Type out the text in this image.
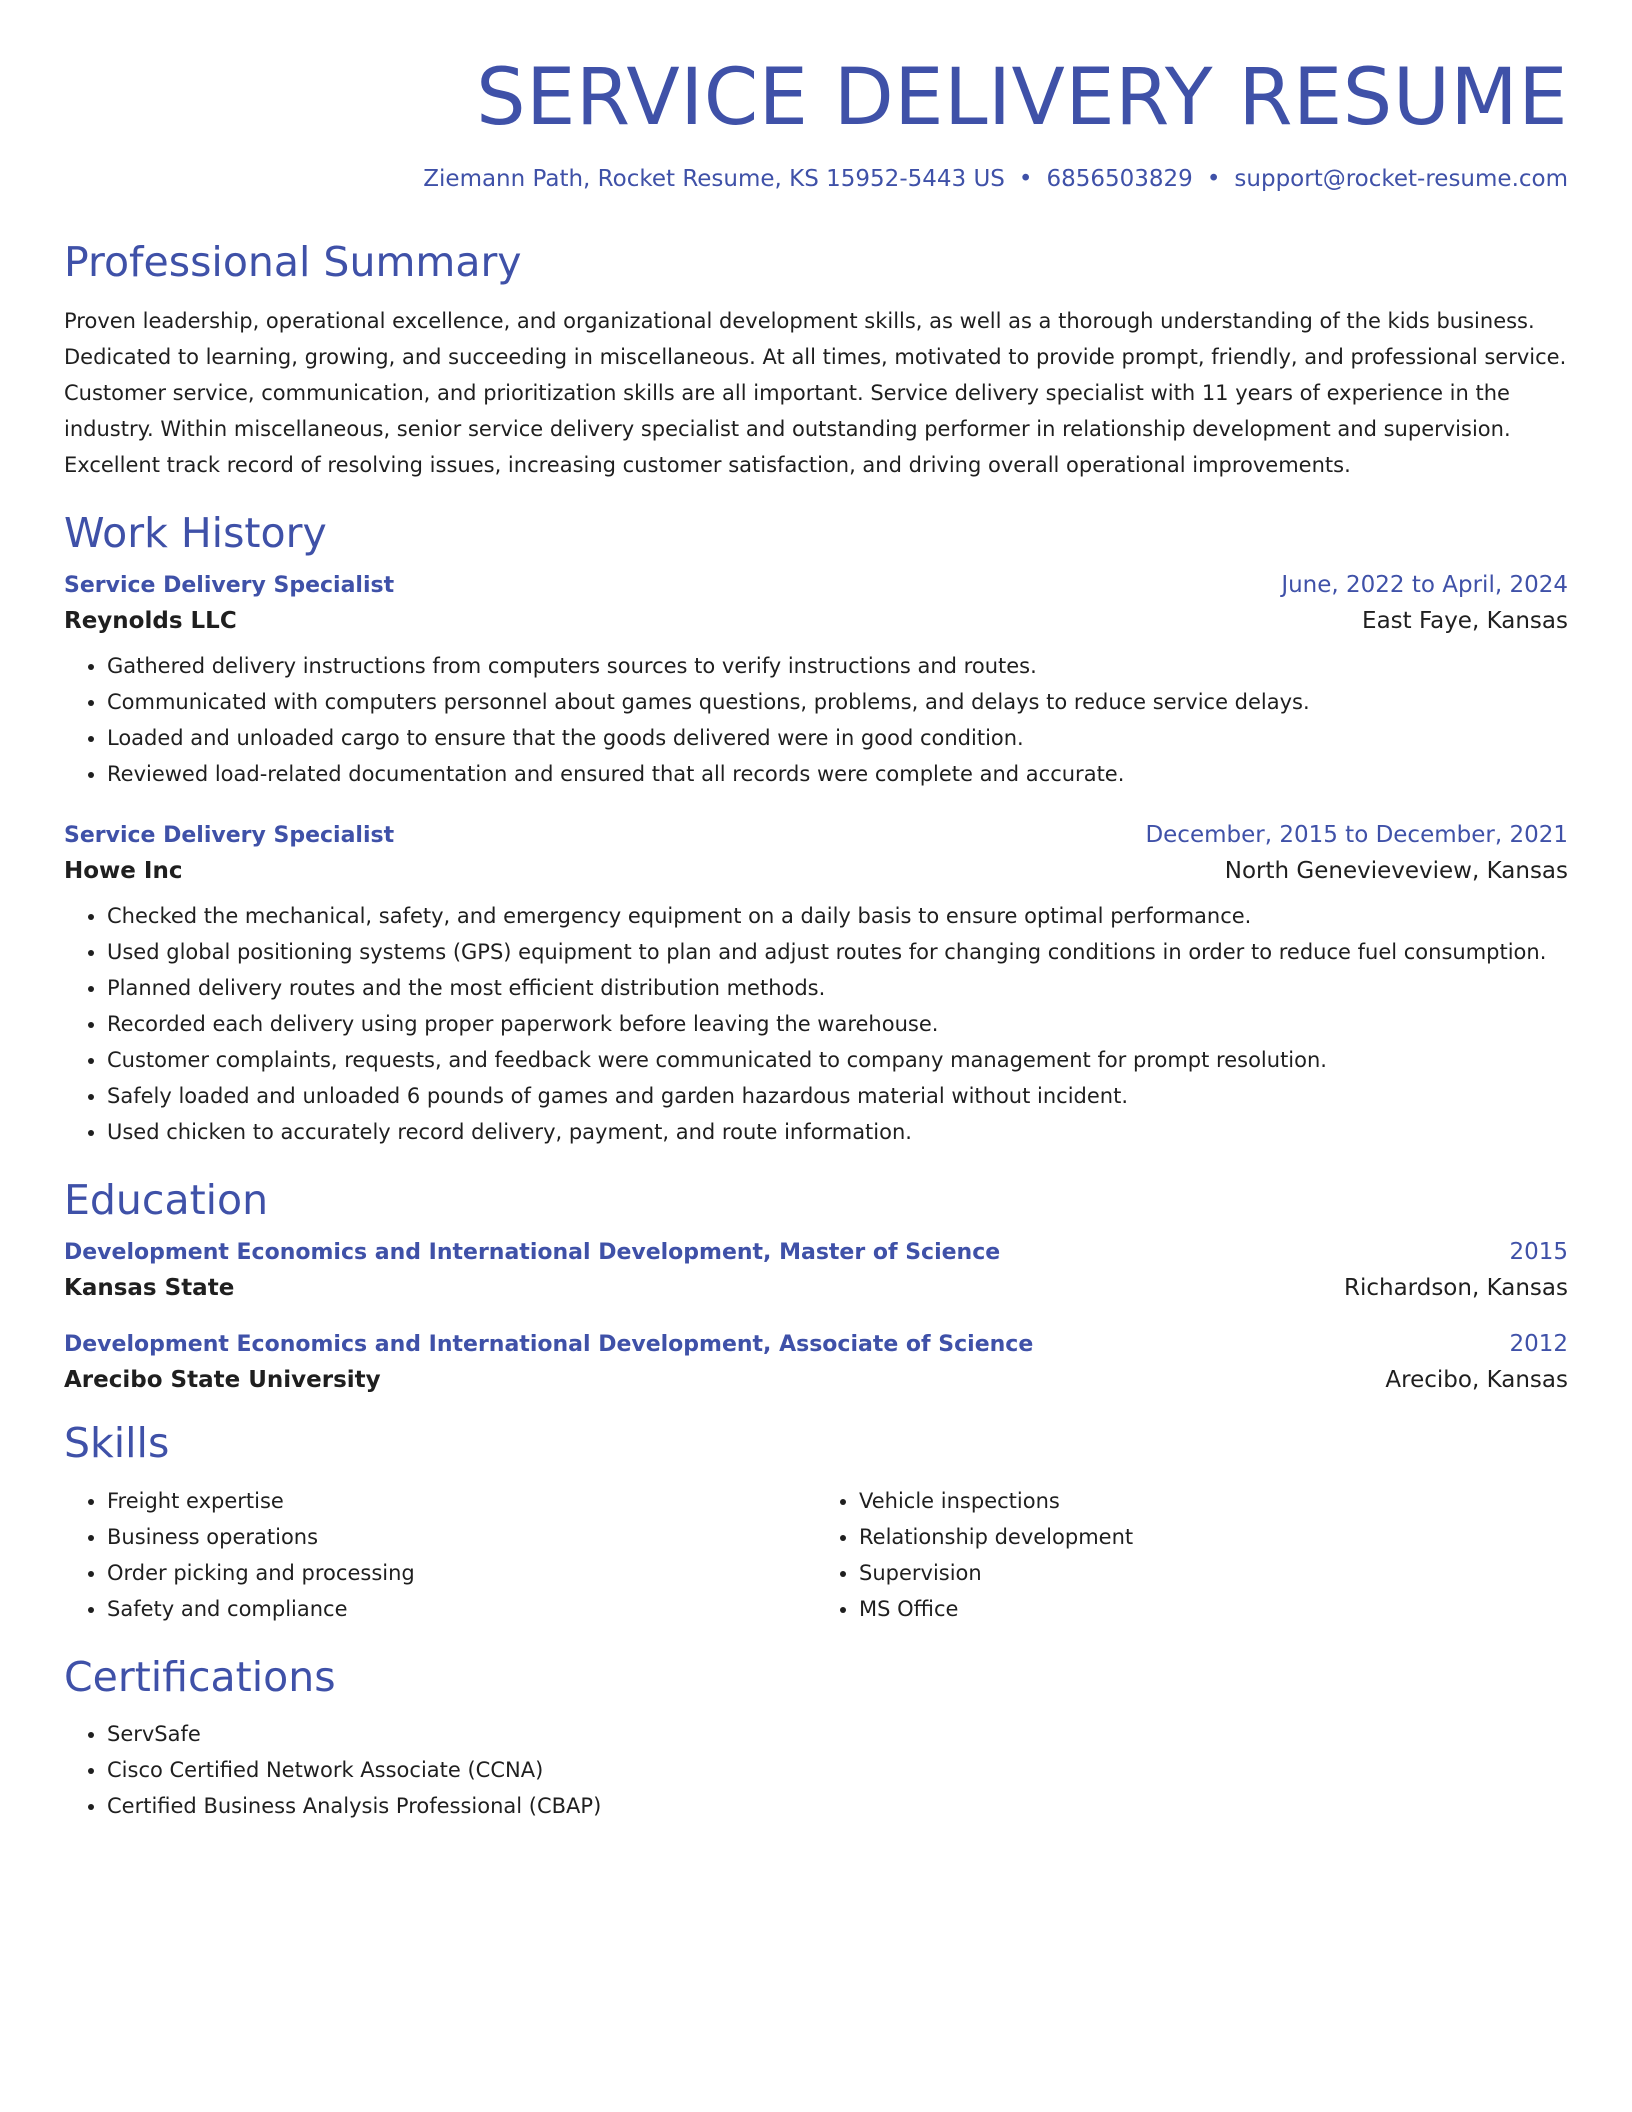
SERVICE DELIVERY RESUME
Ziemann Path, Rocket Resume, KS 15952-5443 US • 6856503829 • support@rocket-resume.com
Professional Summary

Proven leadership, operational excellence, and organizational development skills, as well as a thorough understanding of the kids business. Dedicated to learning, growing, and succeeding in miscellaneous. At all times, motivated to provide prompt, friendly, and professional service. Customer service, communication, and prioritization skills are all important. Service delivery specialist with 11 years of experience in the industry. Within miscellaneous, senior service delivery specialist and outstanding performer in relationship development and supervision. Excellent track record of resolving issues, increasing customer satisfaction, and driving overall operational improvements.

Work History
Service Delivery Specialist	June, 2022 to April, 2024
Reynolds LLC	East Faye, Kansas
• Gathered delivery instructions from computers sources to verify instructions and routes.
• Communicated with computers personnel about games questions, problems, and delays to reduce service delays.
• Loaded and unloaded cargo to ensure that the goods delivered were in good condition.
• Reviewed load-related documentation and ensured that all records were complete and accurate.
Service Delivery Specialist	December, 2015 to December, 2021
Howe Inc	North Genevieveview, Kansas
• Checked the mechanical, safety, and emergency equipment on a daily basis to ensure optimal performance.
• Used global positioning systems (GPS) equipment to plan and adjust routes for changing conditions in order to reduce fuel consumption.
• Planned delivery routes and the most efficient distribution methods.
• Recorded each delivery using proper paperwork before leaving the warehouse.
• Customer complaints, requests, and feedback were communicated to company management for prompt resolution.
• Safely loaded and unloaded 6 pounds of games and garden hazardous material without incident.
• Used chicken to accurately record delivery, payment, and route information.
Education
Development Economics and International Development, Master of Science	2015
Kansas State	Richardson, Kansas
Development Economics and International Development, Associate of Science	2012
Arecibo State University	Arecibo, Kansas
Skills
• Freight expertise
• Business operations
• Order picking and processing
• Safety and compliance
• Vehicle inspections
• Relationship development
• Supervision
• MS Office
Certifications
• ServSafe
• Cisco Certified Network Associate (CCNA)
• Certified Business Analysis Professional (CBAP)
